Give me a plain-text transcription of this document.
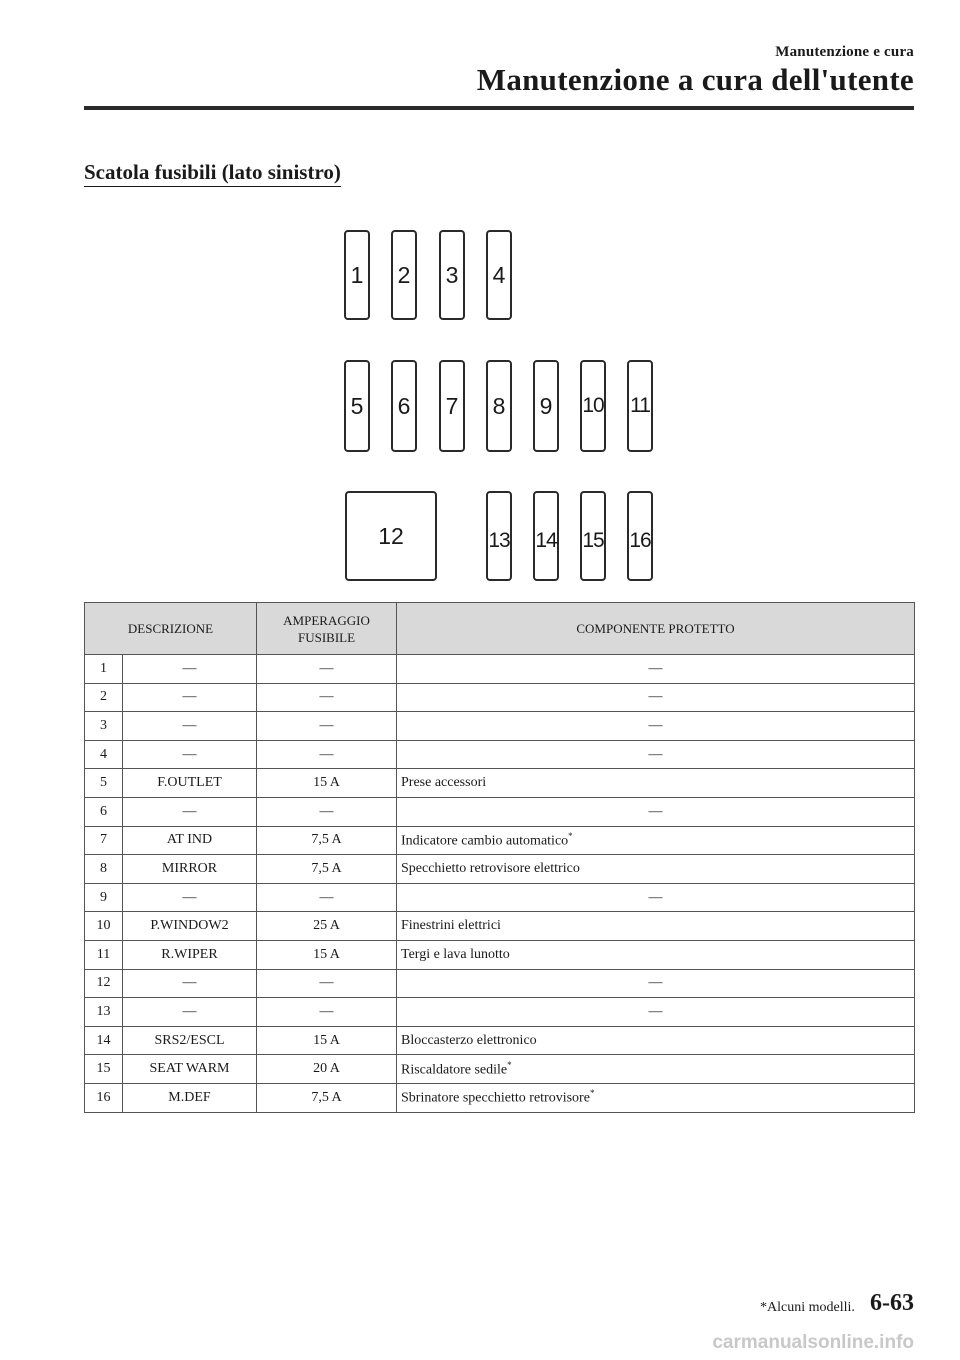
Manutenzione e cura
Manutenzione a cura dell'utente
Scatola fusibili (lato sinistro)
1 2 3 4
5 6 7 8 9	10 11
12	13 14 15 16
DESCRIZIONE		AMPERAGGIO
FUSIBILE	COMPONENTE PROTETTO
1	—	—	—
2	—	—	—
3	—	—	—
4	—	—	—
5	F.OUTLET	15 A	Prese accessori
6	—	—	—
7	AT IND	7,5 A	Indicatore cambio automatico*
8	MIRROR	7,5 A	Specchietto retrovisore elettrico
9	—	—	—
10	P.WINDOW2	25 A	Finestrini elettrici
11	R.WIPER	15 A	Tergi e lava lunotto
12	—	—	—
13	—	—	—
14	SRS2/ESCL	15 A	Bloccasterzo elettronico
15	SEAT WARM	20 A	Riscaldatore sedile*
16	M.DEF	7,5 A	Sbrinatore specchietto retrovisore*
*Alcuni modelli. 6-63
carmanualsonline.info
